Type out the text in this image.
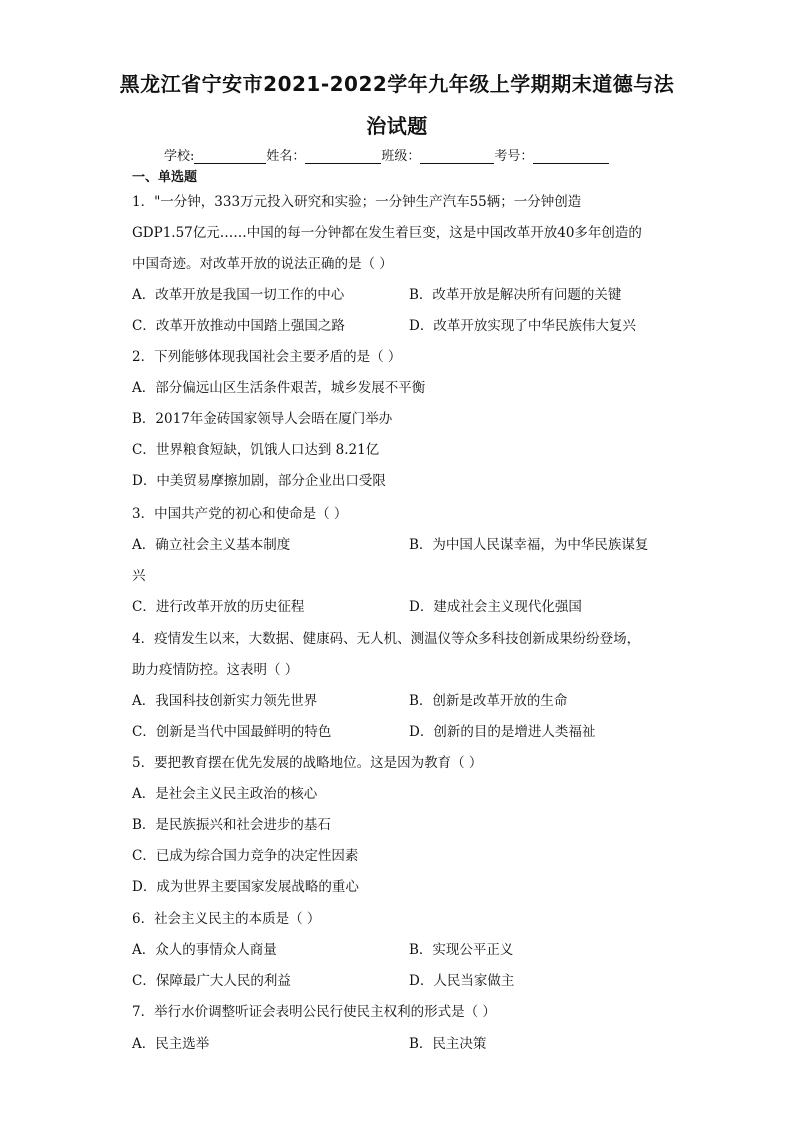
黑龙江省宁安市2021-2022学年九年级上学期期末道德与法
治试题
学校:	姓名：	班级：	考号：
一、单选题
1．"一分钟，333万元投入研究和实验；一分钟生产汽车55辆；一分钟创造
GDP1.57亿元……中国的每一分钟都在发生着巨变，这是中国改革开放40多年创造的
中国奇迹。对改革开放的说法正确的是（ ）
A．改革开放是我国一切工作的中心	B．改革开放是解决所有问题的关键
C．改革开放推动中国踏上强国之路	D．改革开放实现了中华民族伟大复兴
2．下列能够体现我国社会主要矛盾的是（ ）
A．部分偏远山区生活条件艰苦，城乡发展不平衡
B．2017年金砖国家领导人会晤在厦门举办
C．世界粮食短缺，饥饿人口达到 8.21亿
D．中美贸易摩擦加剧，部分企业出口受限
3．中国共产党的初心和使命是（ ）
A．确立社会主义基本制度	B．为中国人民谋幸福，为中华民族谋复
兴
C．进行改革开放的历史征程	D．建成社会主义现代化强国
4．疫情发生以来，大数据、健康码、无人机、测温仪等众多科技创新成果纷纷登场，
助力疫情防控。这表明（ ）
A．我国科技创新实力领先世界	B．创新是改革开放的生命
C．创新是当代中国最鲜明的特色	D．创新的目的是增进人类福祉
5．要把教育摆在优先发展的战略地位。这是因为教育（ ）
A．是社会主义民主政治的核心
B．是民族振兴和社会进步的基石
C．已成为综合国力竞争的决定性因素
D．成为世界主要国家发展战略的重心
6．社会主义民主的本质是（ ）
A．众人的事情众人商量	B．实现公平正义
C．保障最广大人民的利益	D．人民当家做主
7．举行水价调整听证会表明公民行使民主权利的形式是（ ）
A．民主选举	B．民主决策
